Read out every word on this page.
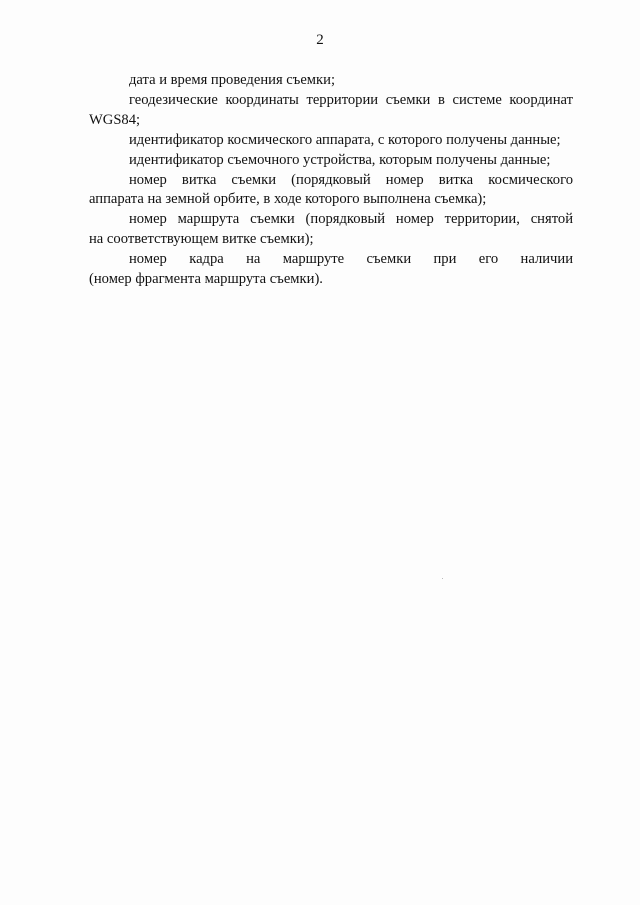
2

дата и время проведения съемки;

геодезические координаты территории съемки в системе координат

WGS84;

идентификатор космического аппарата, с которого получены данные;

идентификатор съемочного устройства, которым получены данные;

номер витка съемки (порядковый номер витка космического

аппарата на земной орбите, в ходе которого выполнена съемка);

номер маршрута съемки (порядковый номер территории, снятой

на соответствующем витке съемки);

номер кадра на маршруте съемки при его наличии

(номер фрагмента маршрута съемки).
